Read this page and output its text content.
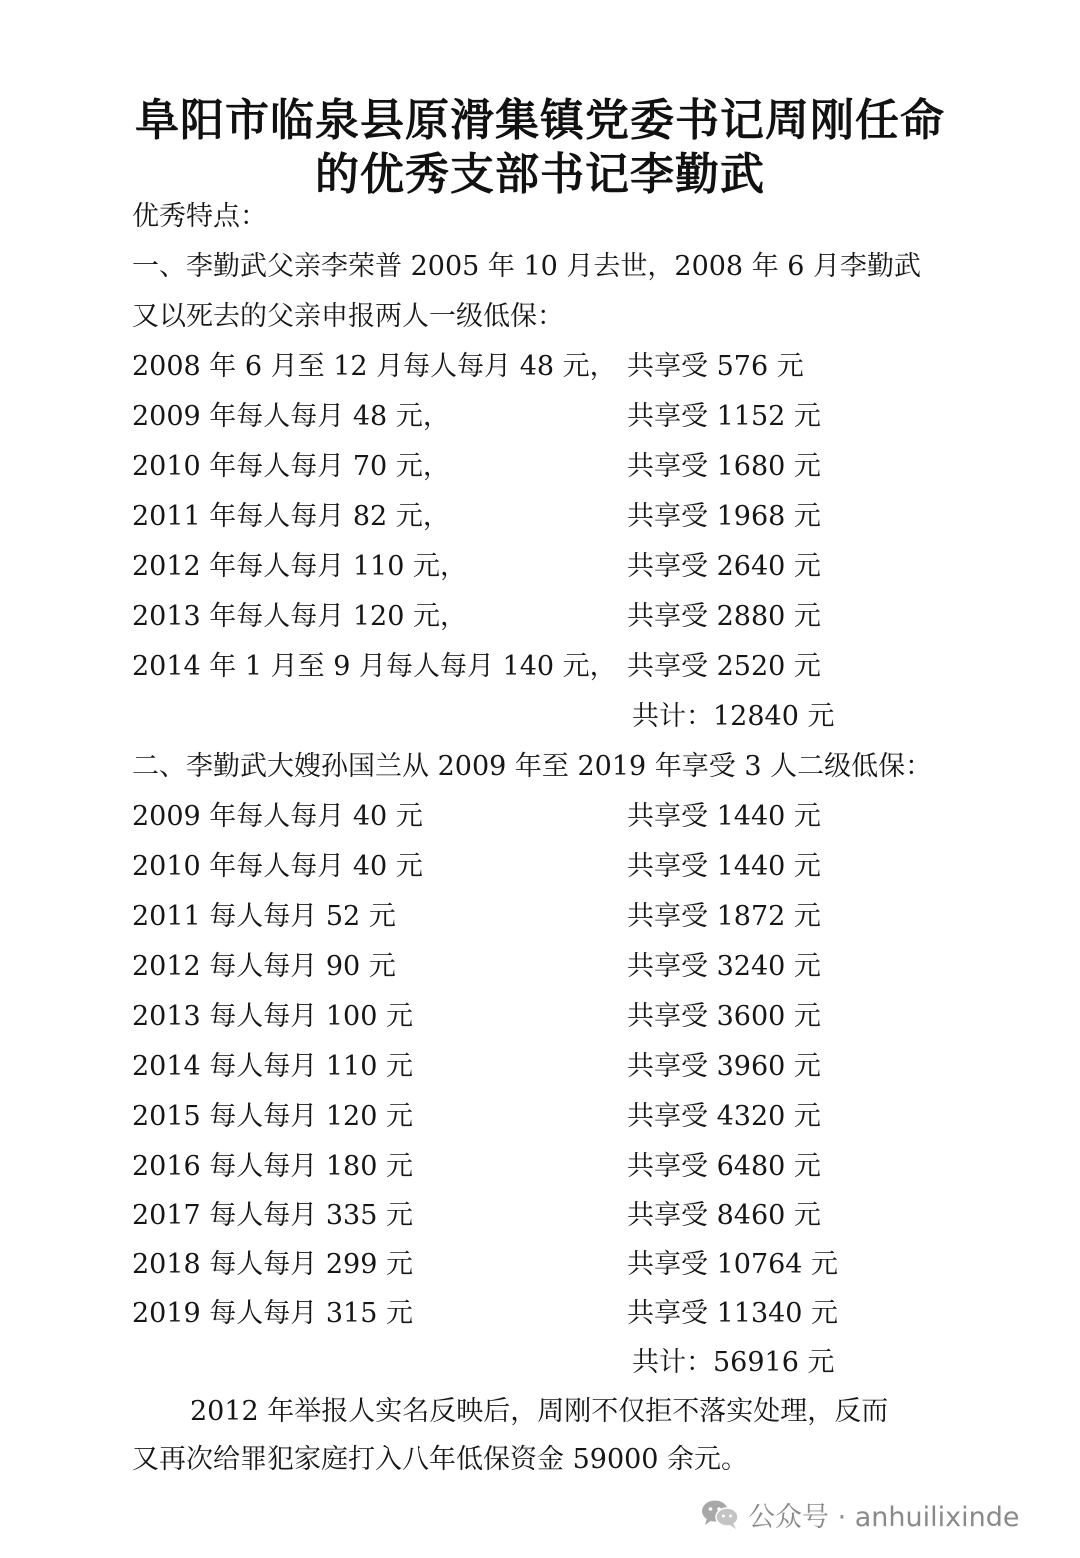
阜阳市临泉县原滑集镇党委书记周刚任命
的优秀支部书记李勤武
优秀特点：
一、李勤武父亲李荣普 2005 年 10 月去世，2008 年 6 月李勤武
又以死去的父亲申报两人一级低保：
2008 年 6 月至 12 月每人每月 48 元， 共享受 576 元
2009 年每人每月 48 元，	共享受 1152 元
2010 年每人每月 70 元，	共享受 1680 元
2011 年每人每月 82 元，	共享受 1968 元
2012 年每人每月 110 元，	共享受 2640 元
2013 年每人每月 120 元，	共享受 2880 元
2014 年 1 月至 9 月每人每月 140 元， 共享受 2520 元
共计：12840 元
二、李勤武大嫂孙国兰从 2009 年至 2019 年享受 3 人二级低保：
2009 年每人每月 40 元	共享受 1440 元
2010 年每人每月 40 元	共享受 1440 元
2011 每人每月 52 元	共享受 1872 元
2012 每人每月 90 元	共享受 3240 元
2013 每人每月 100 元	共享受 3600 元
2014 每人每月 110 元	共享受 3960 元
2015 每人每月 120 元	共享受 4320 元
2016 每人每月 180 元	共享受 6480 元
2017 每人每月 335 元	共享受 8460 元
2018 每人每月 299 元	共享受 10764 元
2019 每人每月 315 元	共享受 11340 元
共计：56916 元
2012 年举报人实名反映后，周刚不仅拒不落实处理，反而
又再次给罪犯家庭打入八年低保资金 59000 余元。
公众号 · anhuilixinde
